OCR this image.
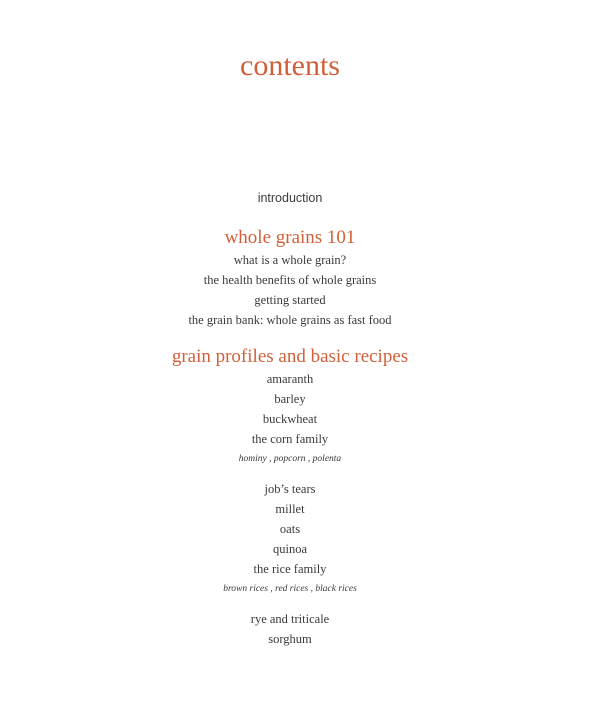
contents
introduction
whole grains 101
what is a whole grain?
the health benefits of whole grains
getting started
the grain bank: whole grains as fast food
grain profiles and basic recipes
amaranth
barley
buckwheat
the corn family
hominy , popcorn , polenta
job’s tears
millet
oats
quinoa
the rice family
brown rices , red rices , black rices
rye and triticale
sorghum
